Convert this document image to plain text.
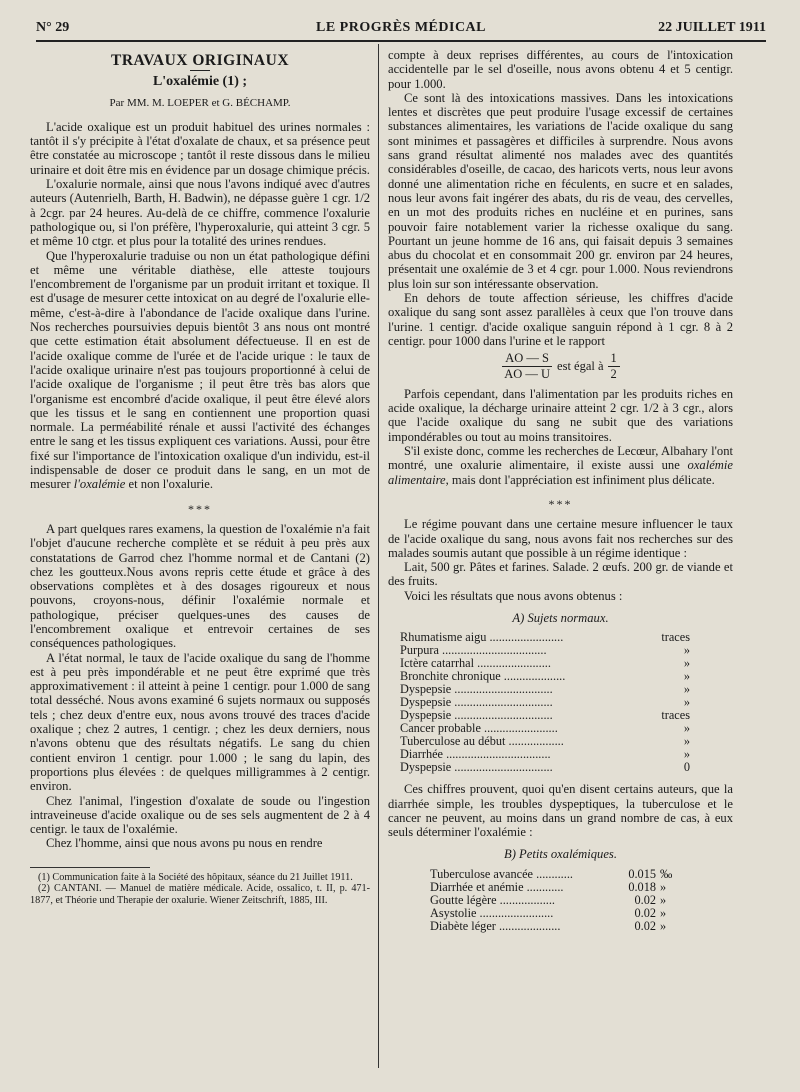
N° 29	LE PROGRÈS MÉDICAL	22 JUILLET 1911
TRAVAUX ORIGINAUX
L'oxalémie (1) ;
Par MM. M. LOEPER et G. BÉCHAMP.

L'acide oxalique est un produit habituel des urines normales : tantôt il s'y précipite à l'état d'oxalate de chaux, et sa présence peut être constatée au microscope ; tantôt il reste dissous dans le milieu urinaire et doit être mis en évidence par un dosage chimique précis.

L'oxalurie normale, ainsi que nous l'avons indiqué avec d'autres auteurs (Autenrielh, Barth, H. Badwin), ne dépasse guère 1 cgr. 1/2 à 2cgr. par 24 heures. Au-delà de ce chiffre, commence l'oxalurie pathologique ou, si l'on préfère, l'hyperoxalurie, qui atteint 3 cgr. 5 et même 10 ctgr. et plus pour la totalité des urines rendues.

Que l'hyperoxalurie traduise ou non un état pathologique défini et même une véritable diathèse, elle atteste toujours l'encombrement de l'organisme par un produit irritant et toxique. Il est d'usage de mesurer cette intoxicat on au degré de l'oxalurie elle-même, c'est-à-dire à l'abondance de l'acide oxalique dans l'urine. Nos recherches poursuivies depuis bientôt 3 ans nous ont montré que cette estimation était absolument défectueuse. Il en est de l'acide oxalique comme de l'urée et de l'acide urique : le taux de l'acide oxalique urinaire n'est pas toujours proportionné à celui de l'acide oxalique de l'organisme ; il peut être très bas alors que l'organisme est encombré d'acide oxalique, il peut être élevé alors que les tissus et le sang en contiennent une proportion quasi normale. La perméabilité rénale et aussi l'activité des échanges entre le sang et les tissus expliquent ces variations. Aussi, pour être fixé sur l'importance de l'intoxication oxalique d'un individu, est-il indispensable de doser ce produit dans le sang, en un mot de mesurer l'oxalémie et non l'oxalurie.

***

A part quelques rares examens, la question de l'oxalémie n'a fait l'objet d'aucune recherche complète et se réduit à peu près aux constatations de Garrod chez l'homme normal et de Cantani (2) chez les goutteux.Nous avons repris cette étude et grâce à des observations complètes et à des dosages rigoureux et nous pouvons, croyons-nous, définir l'oxalémie normale et pathologique, préciser quelques-unes des causes de l'encombrement oxalique et entrevoir certaines de ses conséquences pathologiques.

A l'état normal, le taux de l'acide oxalique du sang de l'homme est à peu près impondérable et ne peut être exprimé que très approximativement : il atteint à peine 1 centigr. pour 1.000 de sang total desséché. Nous avons examiné 6 sujets normaux ou supposés tels ; chez deux d'entre eux, nous avons trouvé des traces d'acide oxalique ; chez 2 autres, 1 centigr. ; chez les deux derniers, nous n'avons obtenu que des résultats négatifs. Le sang du chien contient environ 1 centigr. pour 1.000 ; le sang du lapin, des proportions plus élevées : de quelques milligrammes à 2 centigr. environ.

Chez l'animal, l'ingestion d'oxalate de soude ou l'ingestion intraveineuse d'acide oxalique ou de ses sels augmentent de 2 à 4 centigr. le taux de l'oxalémie.

Chez l'homme, ainsi que nous avons pu nous en rendre

(1) Communication faite à la Société des hôpitaux, séance du 21 Juillet 1911.

(2) CANTANI. — Manuel de matière médicale. Acide, ossalico, t. II, p. 471-1877, et Théorie und Therapie der oxalurie. Wiener Zeitschrift, 1885, III.

compte à deux reprises différentes, au cours de l'intoxication accidentelle par le sel d'oseille, nous avons obtenu 4 et 5 centigr. pour 1.000.

Ce sont là des intoxications massives. Dans les intoxications lentes et discrètes que peut produire l'usage excessif de certaines substances alimentaires, les variations de l'acide oxalique du sang sont minimes et passagères et difficiles à surprendre. Nous avons sans grand résultat alimenté nos malades avec des quantités considérables d'oseille, de cacao, des haricots verts, nous leur avons donné une alimentation riche en féculents, en sucre et en salades, nous leur avons fait ingérer des abats, du ris de veau, des cervelles, en un mot des produits riches en nucléine et en purines, sans pouvoir faire notablement varier la richesse oxalique du sang. Pourtant un jeune homme de 16 ans, qui faisait depuis 3 semaines abus du chocolat et en consommait 200 gr. environ par 24 heures, présentait une oxalémie de 3 et 4 cgr. pour 1.000. Nous reviendrons plus loin sur son intéressante observation.

En dehors de toute affection sérieuse, les chiffres d'acide oxalique du sang sont assez parallèles à ceux que l'on trouve dans l'urine. 1 centigr. d'acide oxalique sanguin répond à 1 cgr. 8 à 2 centigr. pour 1000 dans l'urine et le rapport

$\frac{AO — S}{AO — U}$ est égal à $\frac{1}{2}$

Parfois cependant, dans l'alimentation par les produits riches en acide oxalique, la décharge urinaire atteint 2 cgr. 1/2 à 3 cgr., alors que l'acide oxalique du sang ne subit que des variations impondérables ou tout au moins transitoires.

S'il existe donc, comme les recherches de Lecœur, Albahary l'ont montré, une oxalurie alimentaire, il existe aussi une oxalémie alimentaire, mais dont l'appréciation est infiniment plus délicate.

***

Le régime pouvant dans une certaine mesure influencer le taux de l'acide oxalique du sang, nous avons fait nos recherches sur des malades soumis autant que possible à un régime identique :

Lait, 500 gr. Pâtes et farines. Salade. 2 œufs. 200 gr. de viande et des fruits.

Voici les résultats que nous avons obtenus :

A) Sujets normaux.
Rhumatisme aigu ........................	traces
Purpura ..................................	»
Ictère catarrhal ........................	»
Bronchite chronique ....................	»
Dyspepsie ................................	»
Dyspepsie ................................	»
Dyspepsie ................................	traces
Cancer probable ........................	»
Tuberculose au début ..................	»
Diarrhée ..................................	»
Dyspepsie ................................	0

Ces chiffres prouvent, quoi qu'en disent certains auteurs, que la diarrhée simple, les troubles dyspeptiques, la tuberculose et le cancer ne peuvent, au moins dans un grand nombre de cas, à eux seuls déterminer l'oxalémie :

B) Petits oxalémiques.
Tuberculose avancée ............	0.015	‰
Diarrhée et anémie ............	0.018	»
Goutte légère ..................	0.02	»
Asystolie ........................	0.02	»
Diabète léger ....................	0.02	»
